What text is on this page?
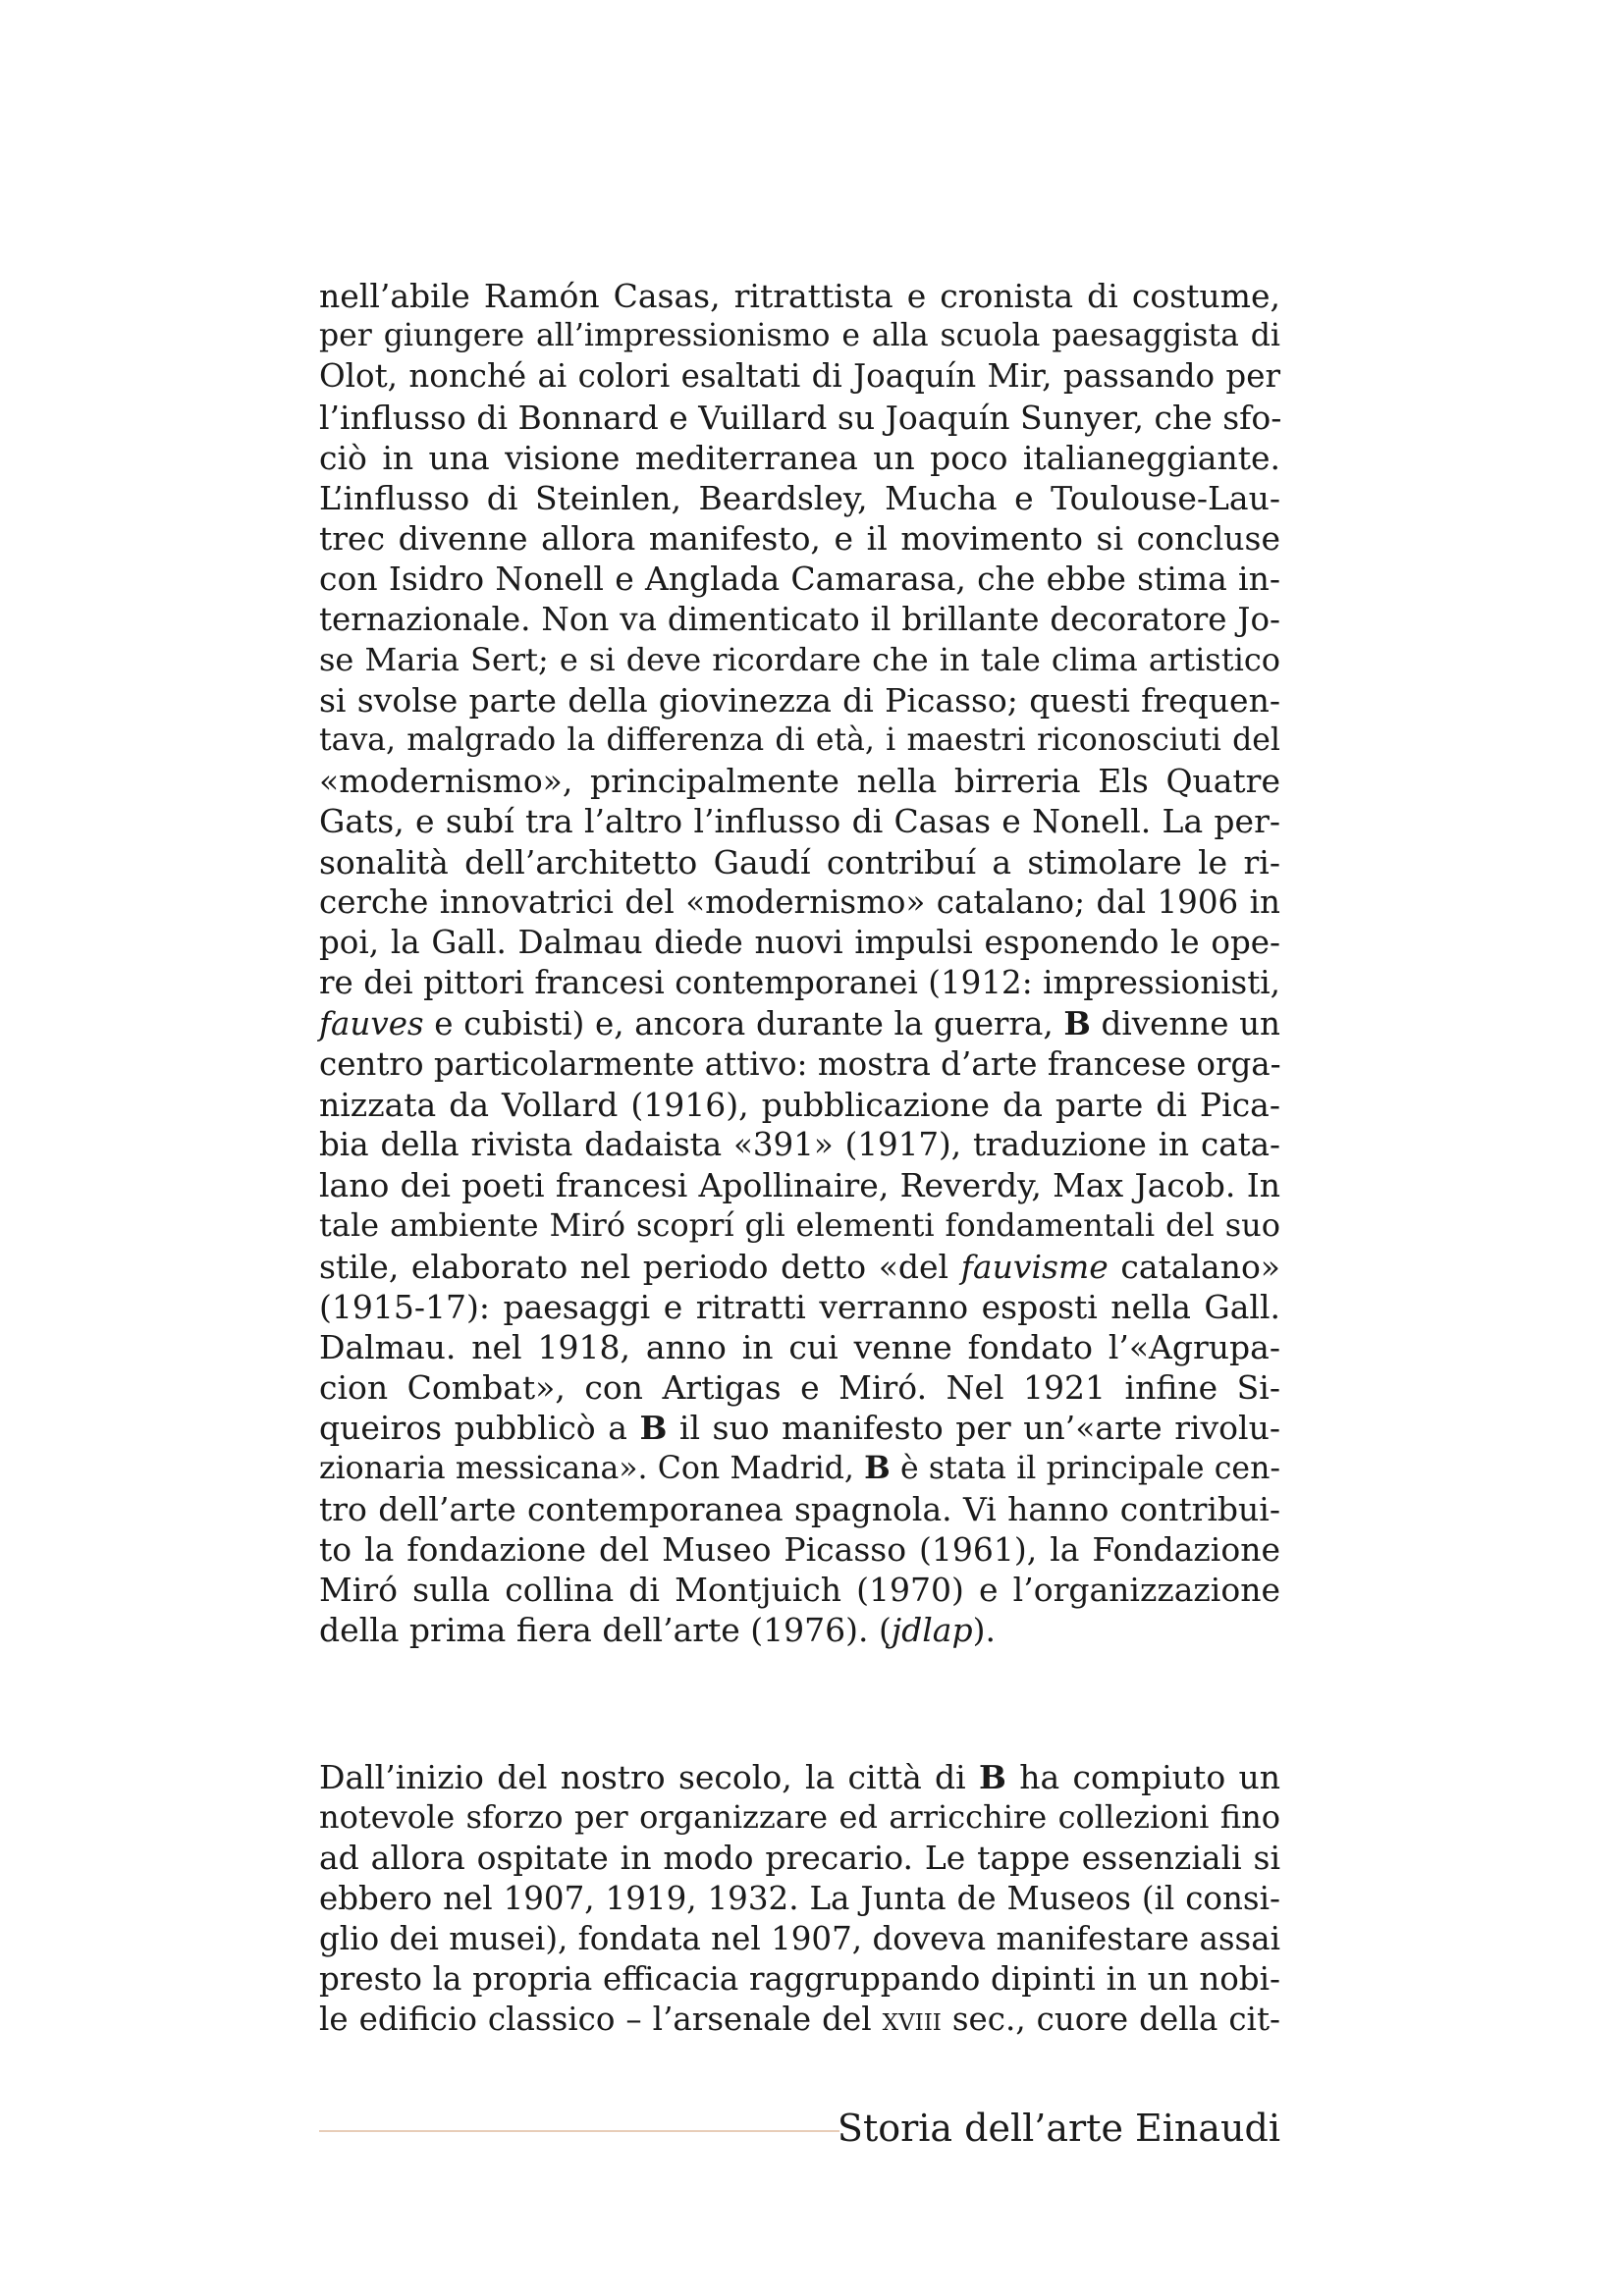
nell’abile Ramón Casas, ritrattista e cronista di costume,
per giungere all’impressionismo e alla scuola paesaggista di
Olot, nonché ai colori esaltati di Joaquín Mir, passando per
l’influsso di Bonnard e Vuillard su Joaquín Sunyer, che sfo-
ciò in una visione mediterranea un poco italianeggiante.
L’influsso di Steinlen, Beardsley, Mucha e Toulouse-Lau-
trec divenne allora manifesto, e il movimento si concluse
con Isidro Nonell e Anglada Camarasa, che ebbe stima in-
ternazionale. Non va dimenticato il brillante decoratore Jo-
se Maria Sert; e si deve ricordare che in tale clima artistico
si svolse parte della giovinezza di Picasso; questi frequen-
tava, malgrado la differenza di età, i maestri riconosciuti del
«modernismo», principalmente nella birreria Els Quatre
Gats, e subí tra l’altro l’influsso di Casas e Nonell. La per-
sonalità dell’architetto Gaudí contribuí a stimolare le ri-
cerche innovatrici del «modernismo» catalano; dal 1906 in
poi, la Gall. Dalmau diede nuovi impulsi esponendo le ope-
re dei pittori francesi contemporanei (1912: impressionisti,
fauves e cubisti) e, ancora durante la guerra, B divenne un
centro particolarmente attivo: mostra d’arte francese orga-
nizzata da Vollard (1916), pubblicazione da parte di Pica-
bia della rivista dadaista «391» (1917), traduzione in cata-
lano dei poeti francesi Apollinaire, Reverdy, Max Jacob. In
tale ambiente Miró scoprí gli elementi fondamentali del suo
stile, elaborato nel periodo detto «del fauvisme catalano»
(1915-17): paesaggi e ritratti verranno esposti nella Gall.
Dalmau. nel 1918, anno in cui venne fondato l’«Agrupa-
cion Combat», con Artigas e Miró. Nel 1921 infine Si-
queiros pubblicò a B il suo manifesto per un’«arte rivolu-
zionaria messicana». Con Madrid, B è stata il principale cen-
tro dell’arte contemporanea spagnola. Vi hanno contribui-
to la fondazione del Museo Picasso (1961), la Fondazione
Miró sulla collina di Montjuich (1970) e l’organizzazione
della prima fiera dell’arte (1976). (jdlap).
Dall’inizio del nostro secolo, la città di B ha compiuto un
notevole sforzo per organizzare ed arricchire collezioni fino
ad allora ospitate in modo precario. Le tappe essenziali si
ebbero nel 1907, 1919, 1932. La Junta de Museos (il consi-
glio dei musei), fondata nel 1907, doveva manifestare assai
presto la propria efficacia raggruppando dipinti in un nobi-
le edificio classico – l’arsenale del xviii sec., cuore della cit-
Storia dell’arte Einaudi
